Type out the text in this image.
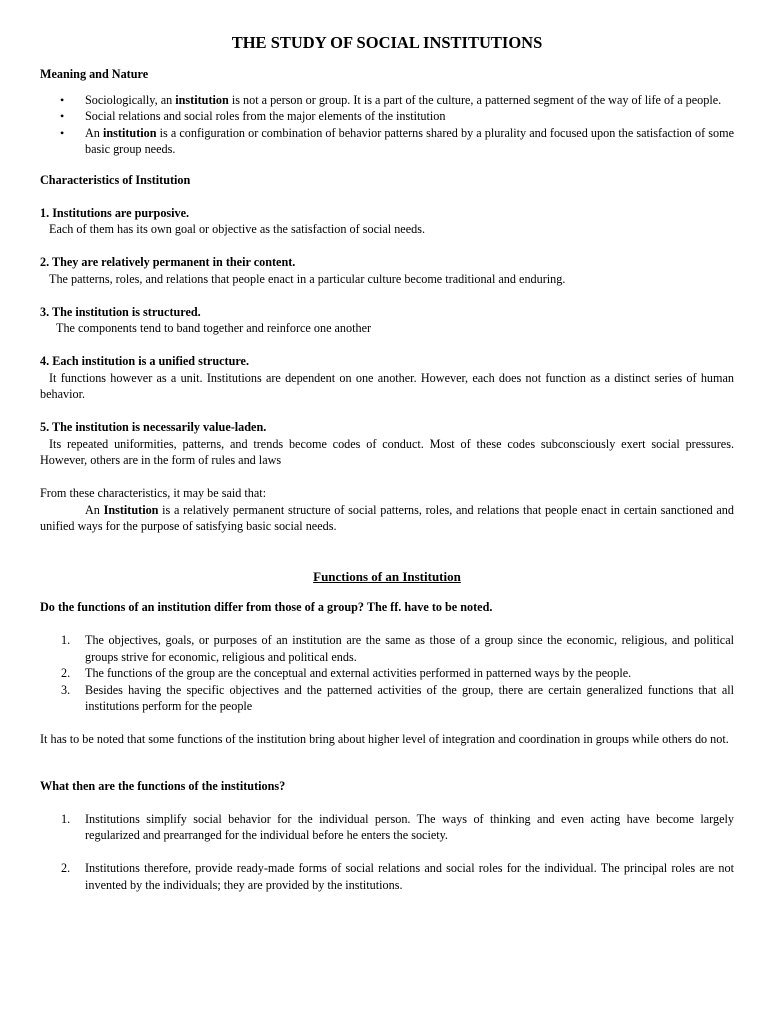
THE STUDY OF SOCIAL INSTITUTIONS
Meaning and Nature
• Sociologically, an institution is not a person or group. It is a part of the culture, a patterned segment of the way of life of a people.
• Social relations and social roles from the major elements of the institution
• An institution is a configuration or combination of behavior patterns shared by a plurality and focused upon the satisfaction of some basic group needs.
Characteristics of Institution
1. Institutions are purposive.

Each of them has its own goal or objective as the satisfaction of social needs.

2. They are relatively permanent in their content.

The patterns, roles, and relations that people enact in a particular culture become traditional and enduring.

3. The institution is structured.

The components tend to band together and reinforce one another

4. Each institution is a unified structure.

It functions however as a unit. Institutions are dependent on one another. However, each does not function as a distinct series of human behavior.

5. The institution is necessarily value-laden.

Its repeated uniformities, patterns, and trends become codes of conduct. Most of these codes subconsciously exert social pressures. However, others are in the form of rules and laws

From these characteristics, it may be said that:

An Institution is a relatively permanent structure of social patterns, roles, and relations that people enact in certain sanctioned and unified ways for the purpose of satisfying basic social needs.

Functions of an Institution
Do the functions of an institution differ from those of a group? The ff. have to be noted.
1. The objectives, goals, or purposes of an institution are the same as those of a group since the economic, religious, and political groups strive for economic, religious and political ends.
2. The functions of the group are the conceptual and external activities performed in patterned ways by the people.
3. Besides having the specific objectives and the patterned activities of the group, there are certain generalized functions that all institutions perform for the people

It has to be noted that some functions of the institution bring about higher level of integration and coordination in groups while others do not.

What then are the functions of the institutions?
1. Institutions simplify social behavior for the individual person. The ways of thinking and even acting have become largely regularized and prearranged for the individual before he enters the society.
2. Institutions therefore, provide ready-made forms of social relations and social roles for the individual. The principal roles are not invented by the individuals; they are provided by the institutions.
